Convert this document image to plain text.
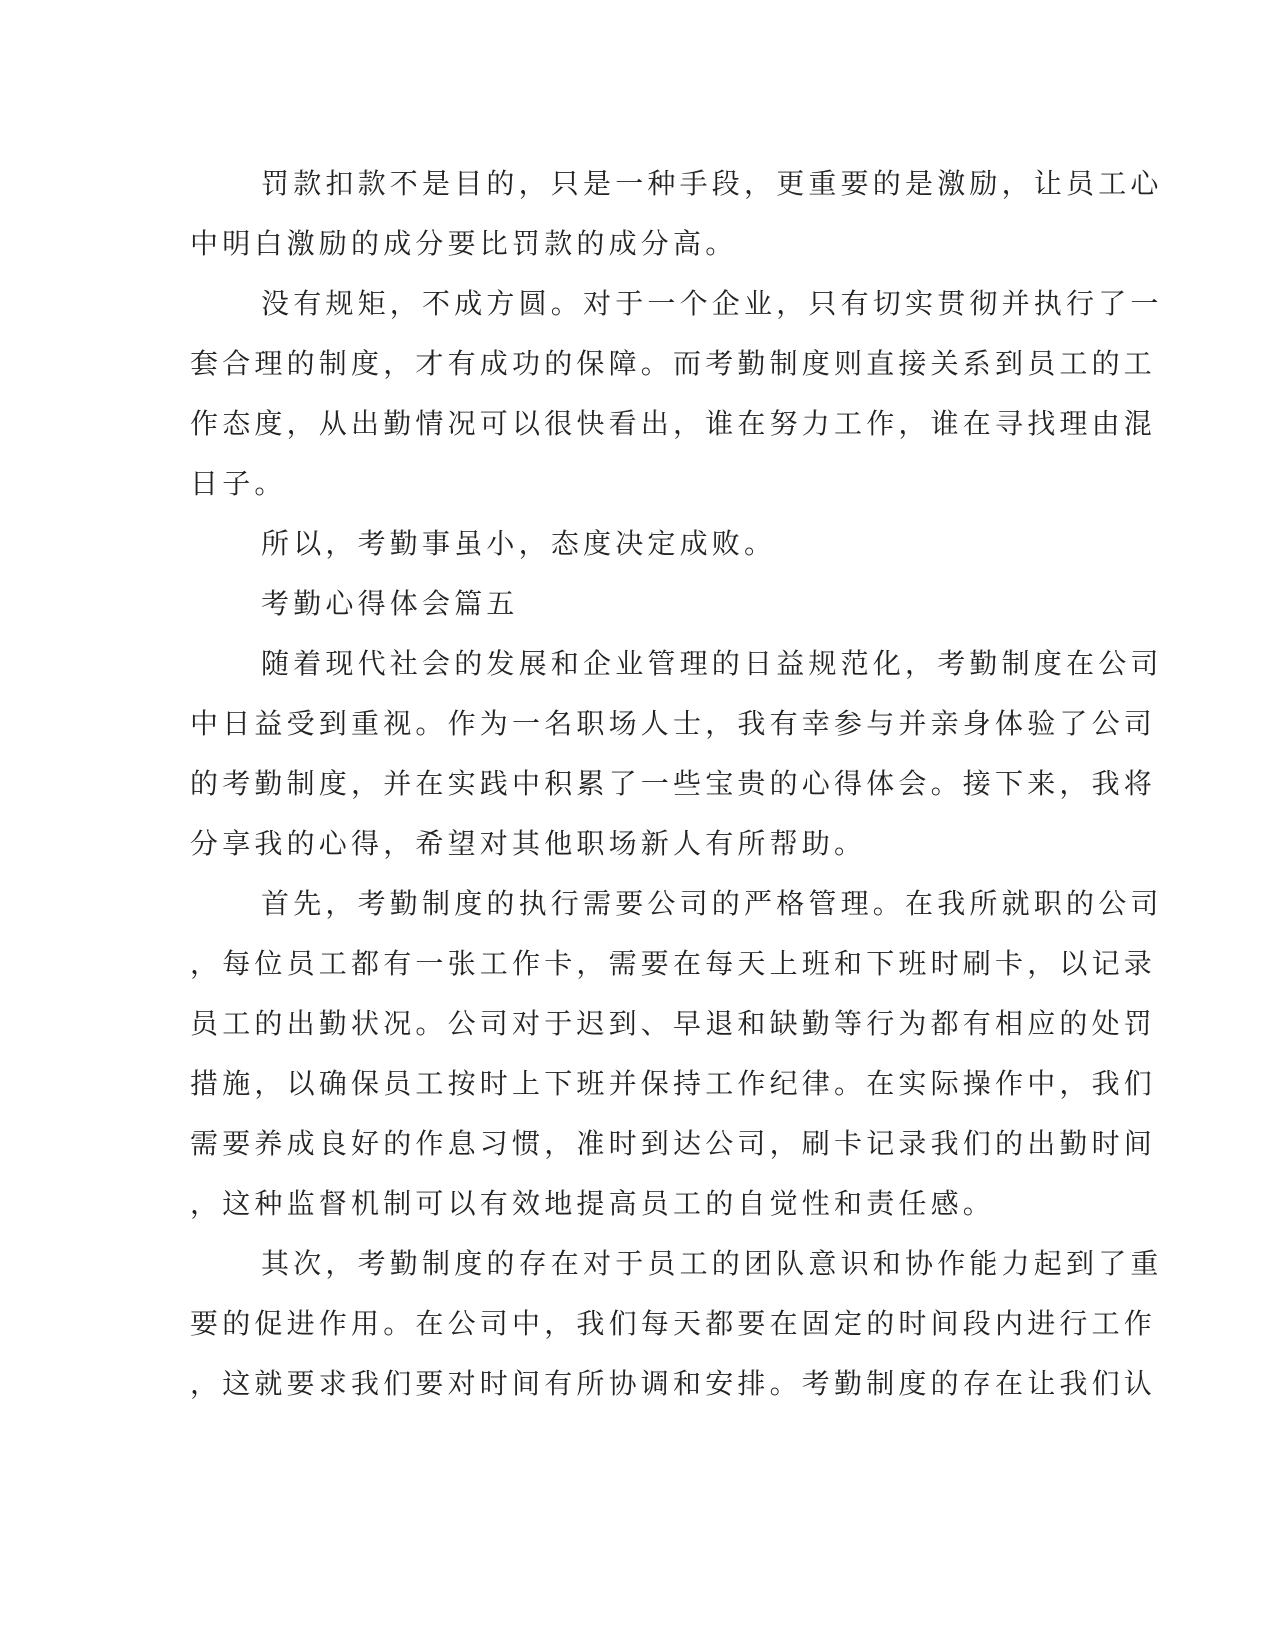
罚款扣款不是目的，只是一种手段，更重要的是激励，让员工心
中明白激励的成分要比罚款的成分高。
没有规矩，不成方圆。对于一个企业，只有切实贯彻并执行了一
套合理的制度，才有成功的保障。而考勤制度则直接关系到员工的工
作态度，从出勤情况可以很快看出，谁在努力工作，谁在寻找理由混
日子。
所以，考勤事虽小，态度决定成败。
考勤心得体会篇五
随着现代社会的发展和企业管理的日益规范化，考勤制度在公司
中日益受到重视。作为一名职场人士，我有幸参与并亲身体验了公司
的考勤制度，并在实践中积累了一些宝贵的心得体会。接下来，我将
分享我的心得，希望对其他职场新人有所帮助。
首先，考勤制度的执行需要公司的严格管理。在我所就职的公司
，每位员工都有一张工作卡，需要在每天上班和下班时刷卡，以记录
员工的出勤状况。公司对于迟到、早退和缺勤等行为都有相应的处罚
措施，以确保员工按时上下班并保持工作纪律。在实际操作中，我们
需要养成良好的作息习惯，准时到达公司，刷卡记录我们的出勤时间
，这种监督机制可以有效地提高员工的自觉性和责任感。
其次，考勤制度的存在对于员工的团队意识和协作能力起到了重
要的促进作用。在公司中，我们每天都要在固定的时间段内进行工作
，这就要求我们要对时间有所协调和安排。考勤制度的存在让我们认
